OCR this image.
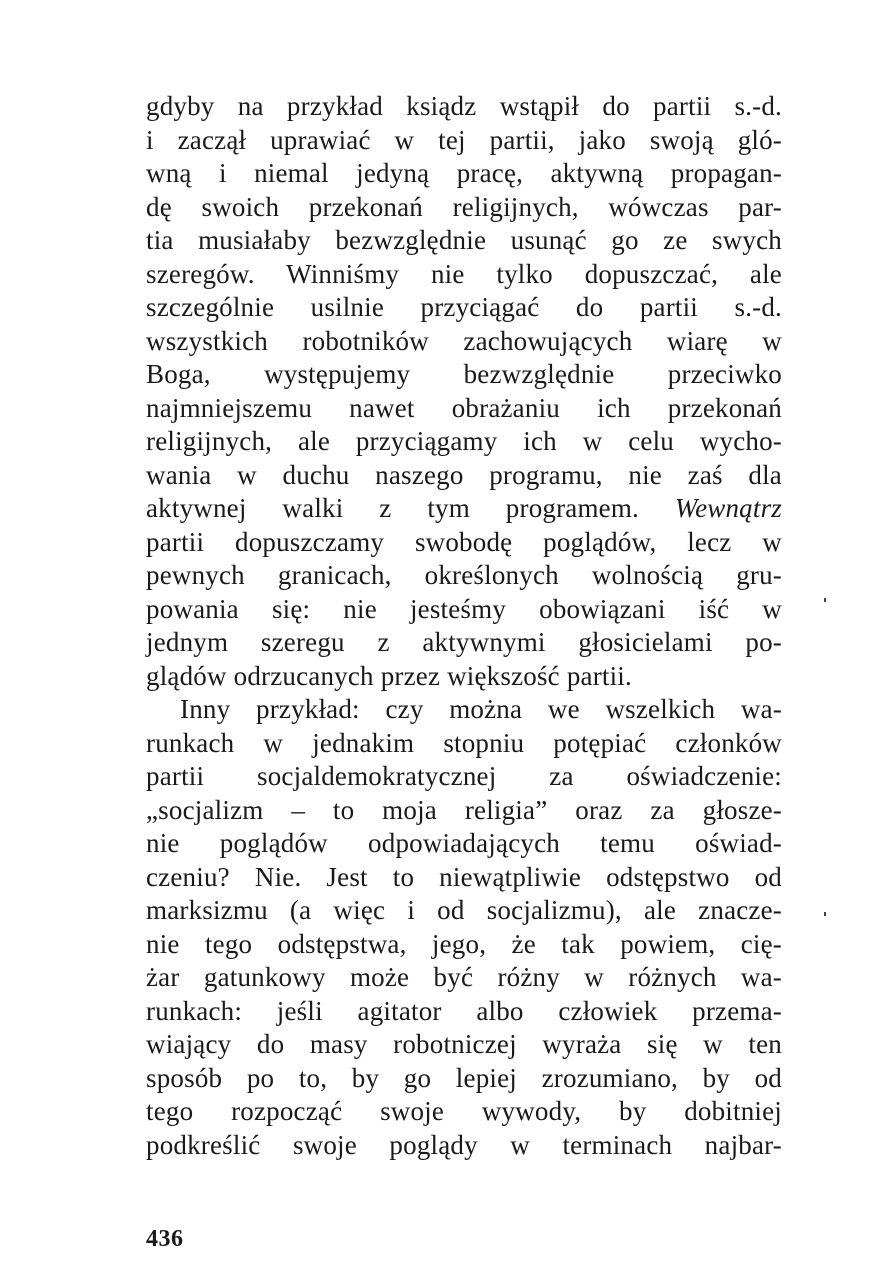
gdyby na przykład ksiądz wstąpił do partii s.-d.
i zaczął uprawiać w tej partii, jako swoją gló-
wną i niemal jedyną pracę, aktywną propagan-
dę swoich przekonań religijnych, wówczas par-
tia musiałaby bezwzględnie usunąć go ze swych
szeregów. Winniśmy nie tylko dopuszczać, ale
szczególnie usilnie przyciągać do partii s.-d.
wszystkich robotników zachowujących wiarę w
Boga, występujemy bezwzględnie przeciwko
najmniejszemu nawet obrażaniu ich przekonań
religijnych, ale przyciągamy ich w celu wycho-
wania w duchu naszego programu, nie zaś dla
aktywnej walki z tym programem. Wewnątrz
partii dopuszczamy swobodę poglądów, lecz w
pewnych granicach, określonych wolnością gru-
powania się: nie jesteśmy obowiązani iść w
jednym szeregu z aktywnymi głosicielami po-
glądów odrzucanych przez większość partii.
Inny przykład: czy można we wszelkich wa-
runkach w jednakim stopniu potępiać członków
partii socjaldemokratycznej za oświadczenie:
„socjalizm – to moja religia” oraz za głosze-
nie poglądów odpowiadających temu oświad-
czeniu? Nie. Jest to niewątpliwie odstępstwo od
marksizmu (a więc i od socjalizmu), ale znacze-
nie tego odstępstwa, jego, że tak powiem, cię-
żar gatunkowy może być różny w różnych wa-
runkach: jeśli agitator albo człowiek przema-
wiający do masy robotniczej wyraża się w ten
sposób po to, by go lepiej zrozumiano, by od
tego rozpocząć swoje wywody, by dobitniej
podkreślić swoje poglądy w terminach najbar-
436
